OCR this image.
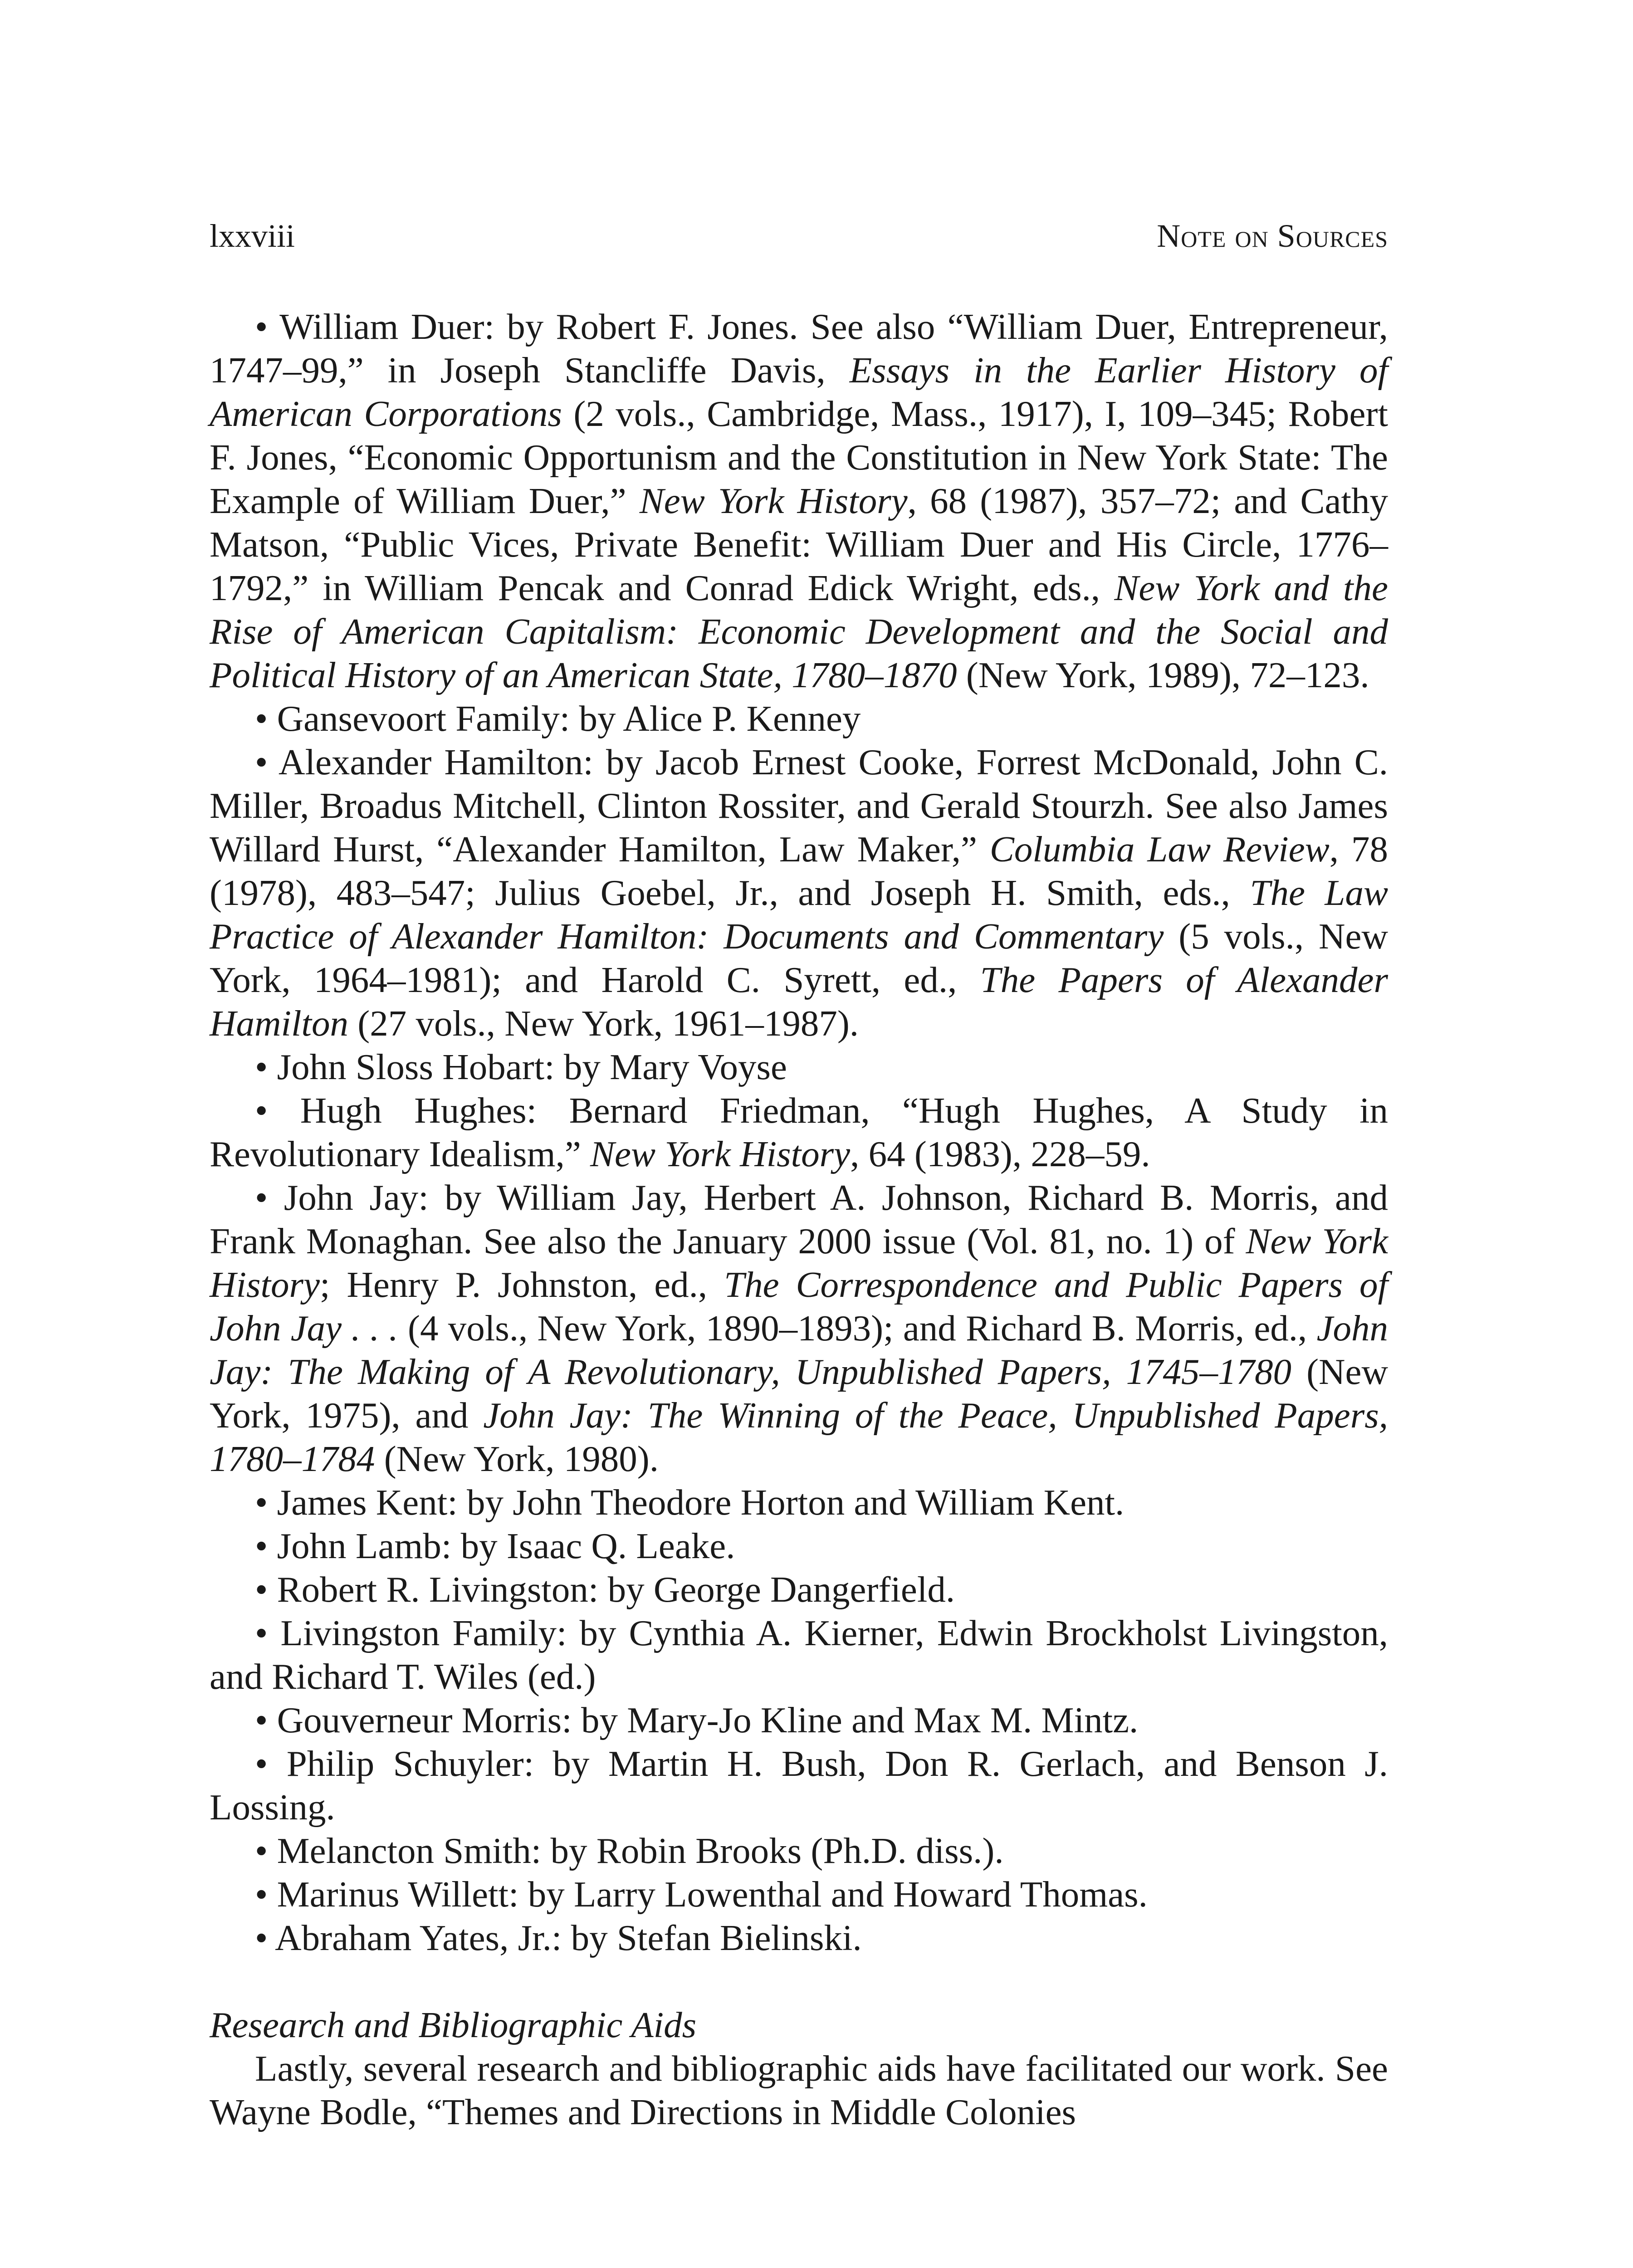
lxxviii	Note on Sources

• William Duer: by Robert F. Jones. See also “William Duer, Entrepreneur, 1747–99,” in Joseph Stancliffe Davis, Essays in the Earlier History of American Corporations (2 vols., Cambridge, Mass., 1917), I, 109–345; Robert F. Jones, “Economic Opportunism and the Constitution in New York State: The Example of William Duer,” New York History, 68 (1987), 357–72; and Cathy Matson, “Public Vices, Private Benefit: William Duer and His Circle, 1776–1792,” in William Pencak and Conrad Edick Wright, eds., New York and the Rise of American Capitalism: Economic Development and the Social and Political History of an American State, 1780–1870 (New York, 1989), 72–123.

• Gansevoort Family: by Alice P. Kenney

• Alexander Hamilton: by Jacob Ernest Cooke, Forrest McDonald, John C. Miller, Broadus Mitchell, Clinton Rossiter, and Gerald Stourzh. See also James Willard Hurst, “Alexander Hamilton, Law Maker,” Columbia Law Review, 78 (1978), 483–547; Julius Goebel, Jr., and Joseph H. Smith, eds., The Law Practice of Alexander Hamilton: Documents and Commentary (5 vols., New York, 1964–1981); and Harold C. Syrett, ed., The Papers of Alexander Hamilton (27 vols., New York, 1961–1987).

• John Sloss Hobart: by Mary Voyse

• Hugh Hughes: Bernard Friedman, “Hugh Hughes, A Study in Revolutionary Idealism,” New York History, 64 (1983), 228–59.

• John Jay: by William Jay, Herbert A. Johnson, Richard B. Morris, and Frank Monaghan. See also the January 2000 issue (Vol. 81, no. 1) of New York History; Henry P. Johnston, ed., The Correspondence and Public Papers of John Jay . . . (4 vols., New York, 1890–1893); and Richard B. Morris, ed., John Jay: The Making of A Revolutionary, Unpublished Papers, 1745–1780 (New York, 1975), and John Jay: The Winning of the Peace, Unpublished Papers, 1780–1784 (New York, 1980).

• James Kent: by John Theodore Horton and William Kent.

• John Lamb: by Isaac Q. Leake.

• Robert R. Livingston: by George Dangerfield.

• Livingston Family: by Cynthia A. Kierner, Edwin Brockholst Livingston, and Richard T. Wiles (ed.)

• Gouverneur Morris: by Mary-Jo Kline and Max M. Mintz.

• Philip Schuyler: by Martin H. Bush, Don R. Gerlach, and Benson J. Lossing.

• Melancton Smith: by Robin Brooks (Ph.D. diss.).

• Marinus Willett: by Larry Lowenthal and Howard Thomas.

• Abraham Yates, Jr.: by Stefan Bielinski.

Research and Bibliographic Aids

Lastly, several research and bibliographic aids have facilitated our work. See Wayne Bodle, “Themes and Directions in Middle Colonies
